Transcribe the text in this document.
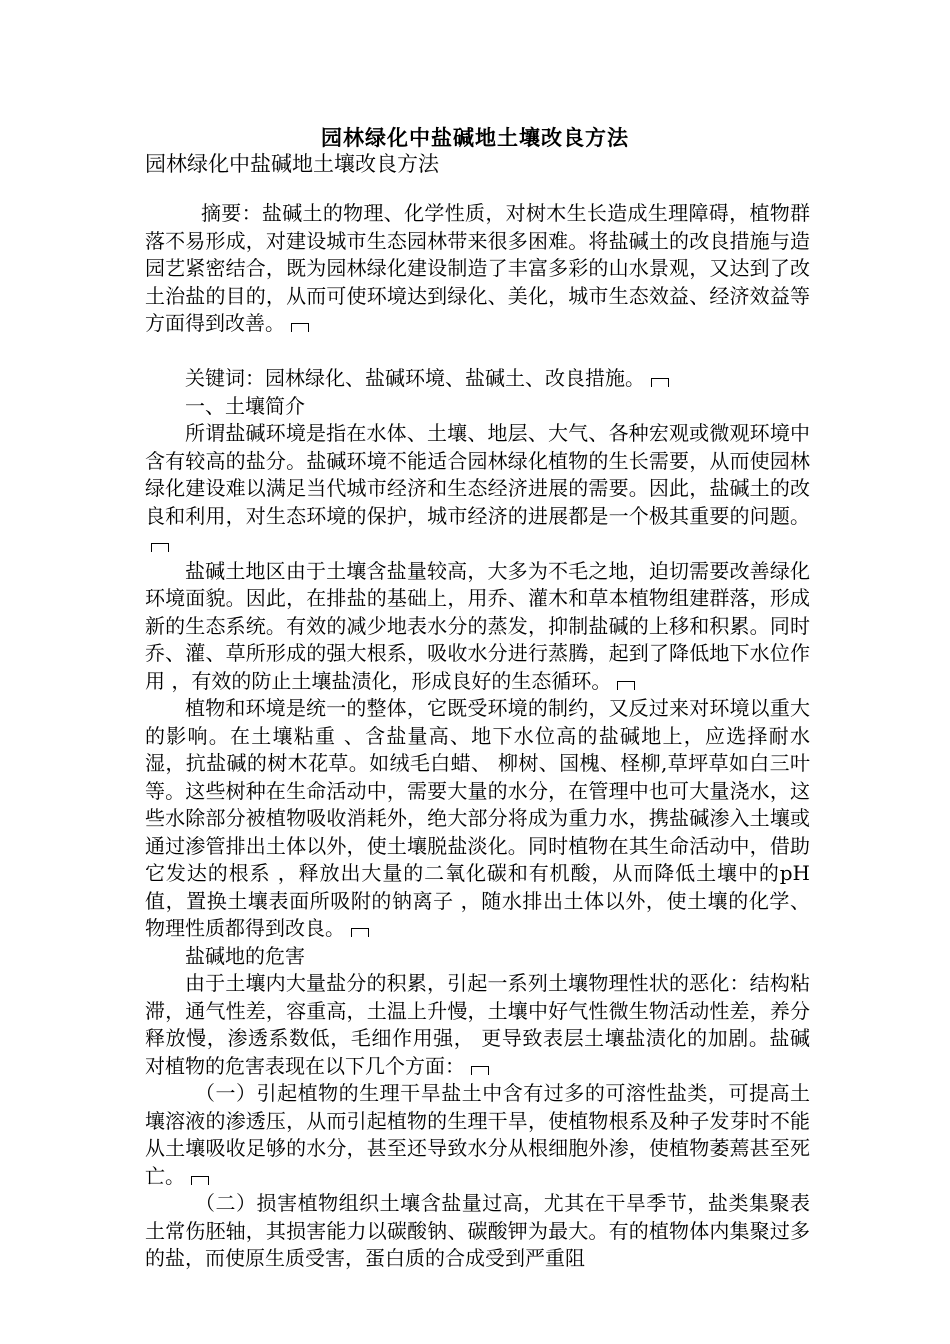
园林绿化中盐碱地土壤改良方法
园林绿化中盐碱地土壤改良方法

摘要：盐碱土的物理、化学性质，对树木生长造成生理障碍，植物群落不易形成，对建设城市生态园林带来很多困难。将盐碱土的改良措施与造园艺紧密结合，既为园林绿化建设制造了丰富多彩的山水景观，又达到了改土治盐的目的，从而可使环境达到绿化、美化，城市生态效益、经济效益等方面得到改善。

关键词：园林绿化、盐碱环境、盐碱土、改良措施。

一、土壤简介

所谓盐碱环境是指在水体、土壤、地层、大气、各种宏观或微观环境中含有较高的盐分。盐碱环境不能适合园林绿化植物的生长需要，从而使园林绿化建设难以满足当代城市经济和生态经济进展的需要。因此，盐碱土的改良和利用，对生态环境的保护，城市经济的进展都是一个极其重要的问题。

盐碱土地区由于土壤含盐量较高，大多为不毛之地，迫切需要改善绿化环境面貌。因此，在排盐的基础上，用乔、灌木和草本植物组建群落，形成新的生态系统。有效的减少地表水分的蒸发，抑制盐碱的上移和积累。同时乔、灌、草所形成的强大根系，吸收水分进行蒸腾，起到了降低地下水位作用 ，有效的防止土壤盐渍化，形成良好的生态循环。

植物和环境是统一的整体，它既受环境的制约，又反过来对环境以重大的影响。在土壤粘重 、含盐量高、地下水位高的盐碱地上，应选择耐水湿，抗盐碱的树木花草。如绒毛白蜡、 柳树、国槐、柽柳,草坪草如白三叶等。这些树种在生命活动中，需要大量的水分，在管理中也可大量浇水，这些水除部分被植物吸收消耗外，绝大部分将成为重力水，携盐碱渗入土壤或通过渗管排出土体以外，使土壤脱盐淡化。同时植物在其生命活动中，借助它发达的根系 ，释放出大量的二氧化碳和有机酸，从而降低土壤中的pH值，置换土壤表面所吸附的钠离子 ，随水排出土体以外，使土壤的化学、物理性质都得到改良。

盐碱地的危害

由于土壤内大量盐分的积累，引起一系列土壤物理性状的恶化：结构粘滞，通气性差，容重高，土温上升慢，土壤中好气性微生物活动性差，养分释放慢，渗透系数低，毛细作用强， 更导致表层土壤盐渍化的加剧。盐碱对植物的危害表现在以下几个方面：

（一）引起植物的生理干旱盐土中含有过多的可溶性盐类，可提高土壤溶液的渗透压，从而引起植物的生理干旱，使植物根系及种子发芽时不能从土壤吸收足够的水分，甚至还导致水分从根细胞外渗，使植物萎蔫甚至死亡。

（二）损害植物组织土壤含盐量过高，尤其在干旱季节，盐类集聚表土常伤胚轴，其损害能力以碳酸钠、碳酸钾为最大。有的植物体内集聚过多的盐，而使原生质受害，蛋白质的合成受到严重阻
